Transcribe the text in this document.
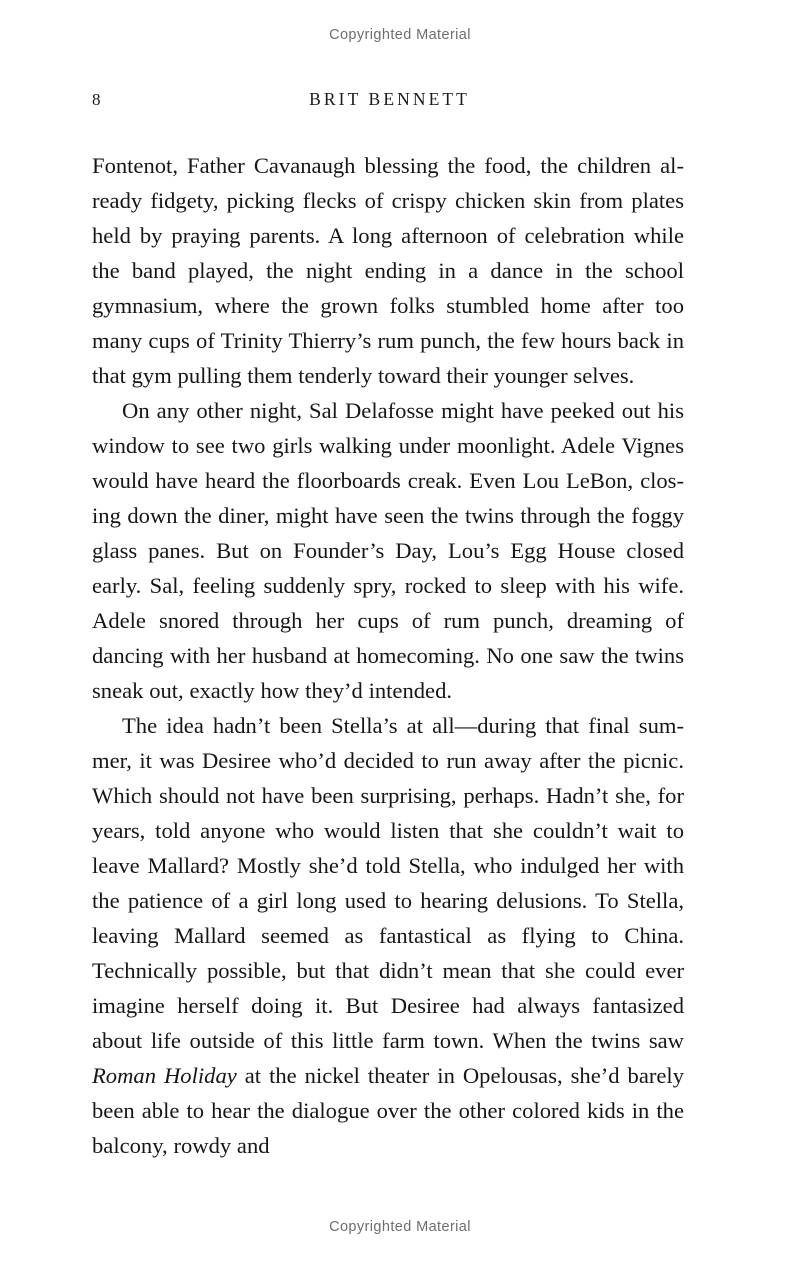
Copyrighted Material
8	BRIT BENNETT

Fontenot, Father Cavanaugh blessing the food, the children already fidgety, picking flecks of crispy chicken skin from plates held by praying parents. A long afternoon of celebration while the band played, the night ending in a dance in the school gymnasium, where the grown folks stumbled home after too many cups of Trinity Thierry’s rum punch, the few hours back in that gym pulling them tenderly toward their younger selves.

On any other night, Sal Delafosse might have peeked out his window to see two girls walking under moonlight. Adele Vignes would have heard the floorboards creak. Even Lou LeBon, closing down the diner, might have seen the twins through the foggy glass panes. But on Founder’s Day, Lou’s Egg House closed early. Sal, feeling suddenly spry, rocked to sleep with his wife. Adele snored through her cups of rum punch, dreaming of dancing with her husband at homecoming. No one saw the twins sneak out, exactly how they’d intended.

The idea hadn’t been Stella’s at all—during that final summer, it was Desiree who’d decided to run away after the picnic. Which should not have been surprising, perhaps. Hadn’t she, for years, told anyone who would listen that she couldn’t wait to leave Mallard? Mostly she’d told Stella, who indulged her with the patience of a girl long used to hearing delusions. To Stella, leaving Mallard seemed as fantastical as flying to China. Technically possible, but that didn’t mean that she could ever imagine herself doing it. But Desiree had always fantasized about life outside of this little farm town. When the twins saw Roman Holiday at the nickel theater in Opelousas, she’d barely been able to hear the dialogue over the other colored kids in the balcony, rowdy and

Copyrighted Material
